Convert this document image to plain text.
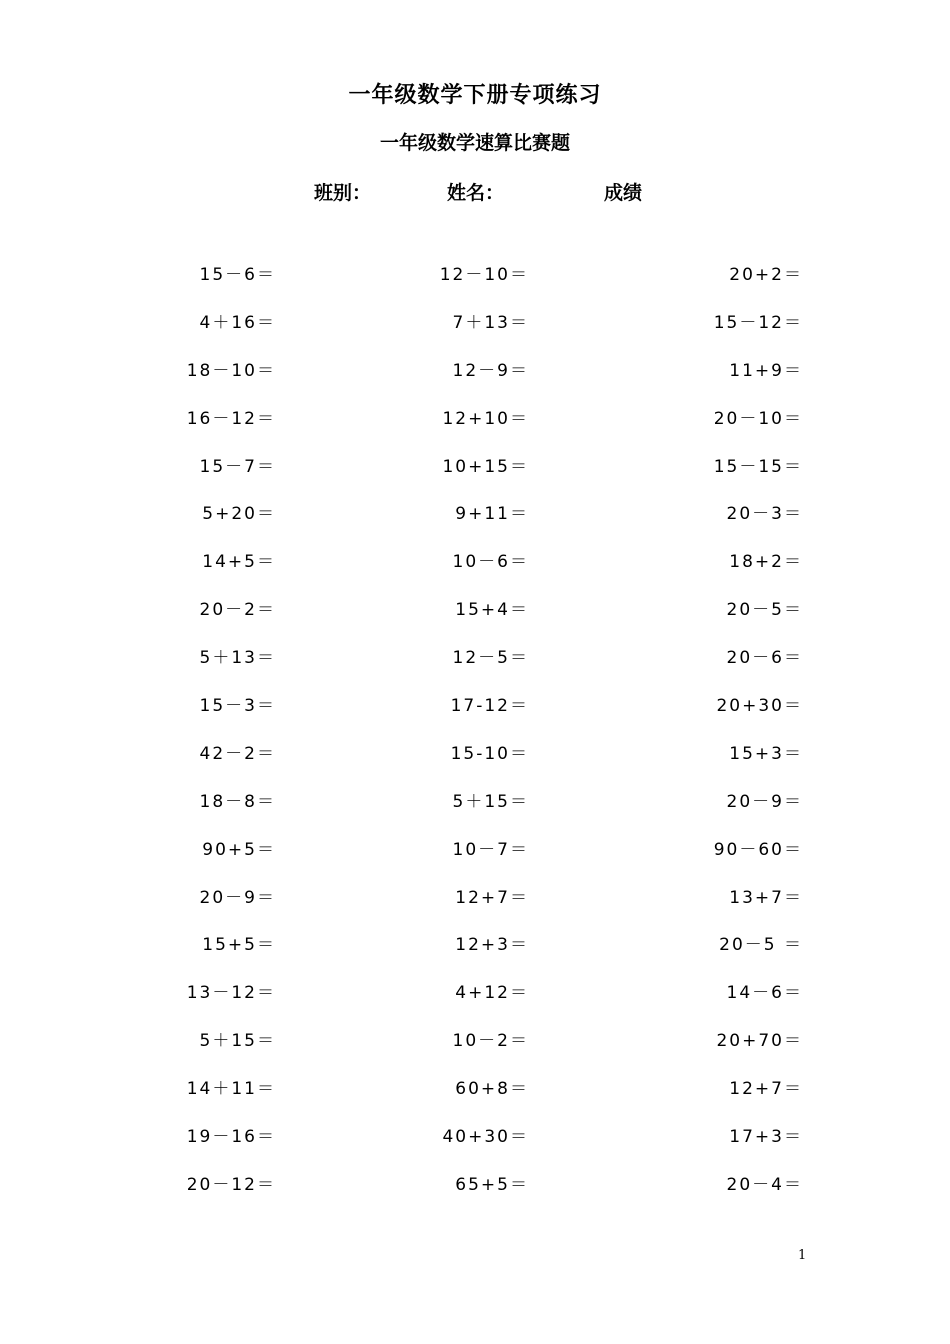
一年级数学下册专项练习
一年级数学速算比赛题
班别：	姓名：	成绩
15－6＝
4＋16＝
18－10＝
16－12＝
15－7＝
5+20＝
14+5＝
20－2＝
5＋13＝
15－3＝
42－2＝
18－8＝
90+5＝
20－9＝
15+5＝
13－12＝
5＋15＝
14＋11＝
19－16＝
20－12＝
12－10＝
7＋13＝
12－9＝
12+10＝
10+15＝
9+11＝
10－6＝
15+4＝
12－5＝
17-12＝
15-10＝
5＋15＝
10－7＝
12+7＝
12+3＝
4+12＝
10－2＝
60+8＝
40+30＝
65+5＝
20+2＝
15－12＝
11+9＝
20－10＝
15－15＝
20－3＝
18+2＝
20－5＝
20－6＝
20+30＝
15+3＝
20－9＝
90－60＝
13+7＝
20－5 ＝
14－6＝
20+70＝
12+7＝
17+3＝
20－4＝
1
